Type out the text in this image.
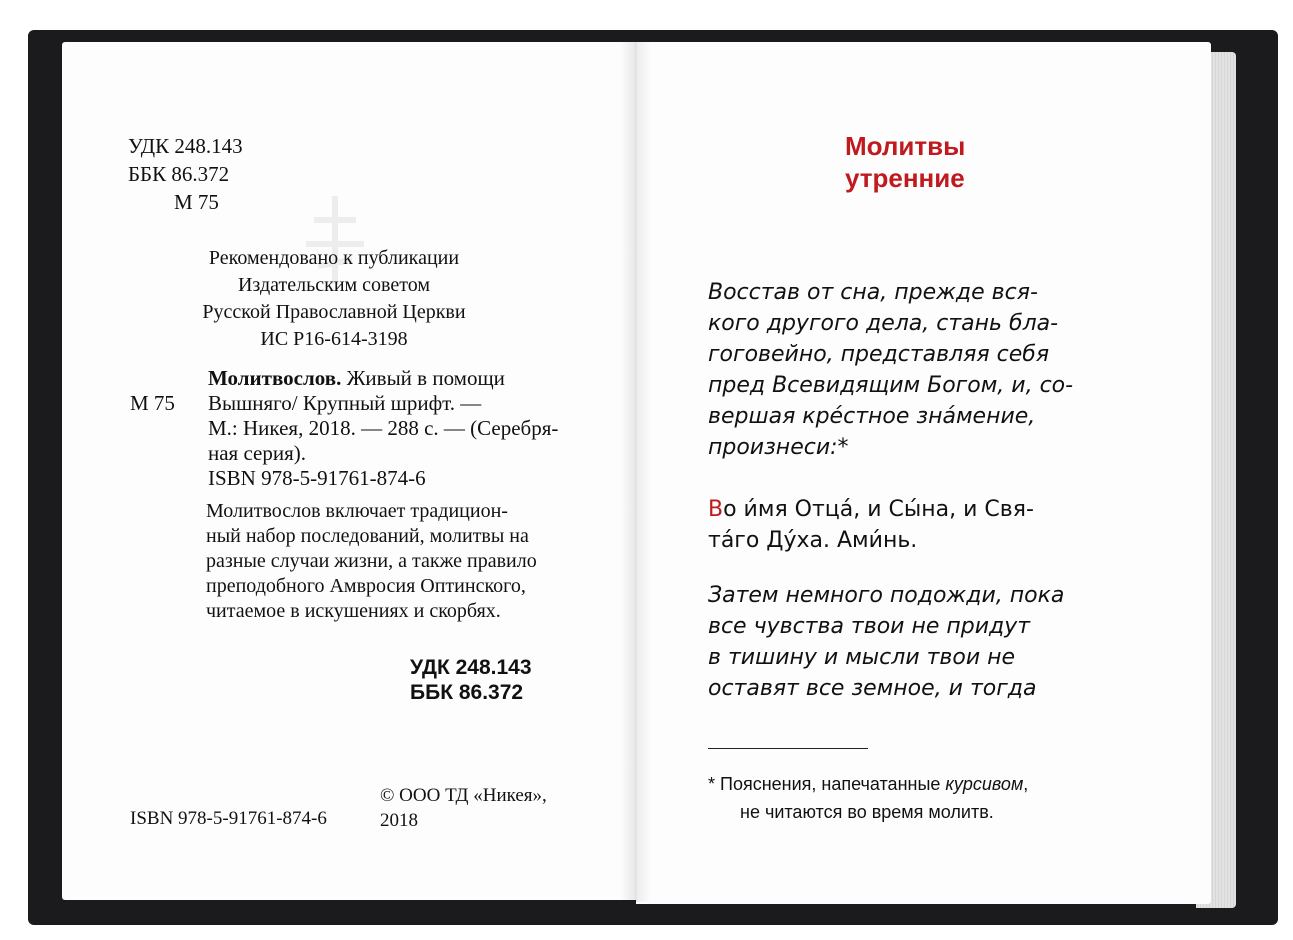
УДК 248.143
ББК 86.372
М 75
Рекомендовано к публикации
Издательским советом
Русской Православной Церкви
ИС Р16-614-3198
Молитвослов. Живый в помощи
М 75 Вышняго/ Крупный шрифт. —
М.: Никея, 2018. — 288 с. — (Серебря-
ная серия).
ISBN 978-5-91761-874-6
Молитвослов включает традицион-
ный набор последований, молитвы на
разные случаи жизни, а также правило
преподобного Амвросия Оптинского,
читаемое в искушениях и скорбях.
УДК 248.143
ББК 86.372
© ООО ТД «Никея»,
2018
ISBN 978-5-91761-874-6
Молитвы
утренние
Восстав от сна, прежде вся-
кого другого дела, стань бла-
гоговейно, представляя себя
пред Всевидящим Богом, и, со-
вершая кре́стное зна́мение,
произнеси:*
Во и́мя Отца́, и Сы́на, и Свя-
та́го Ду́ха. Ами́нь.
Затем немного подожди, пока
все чувства твои не придут
в тишину и мысли твои не
оставят все земное, и тогда
* Пояснения, напечатанные курсивом,
не читаются во время молитв.
